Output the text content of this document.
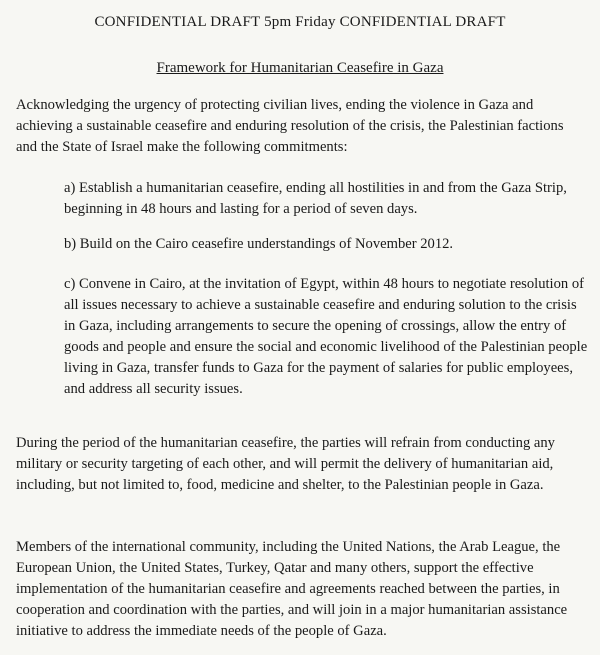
CONFIDENTIAL DRAFT 5pm Friday CONFIDENTIAL DRAFT
Framework for Humanitarian Ceasefire in Gaza

Acknowledging the urgency of protecting civilian lives, ending the violence in Gaza and achieving a sustainable ceasefire and enduring resolution of the crisis, the Palestinian factions and the State of Israel make the following commitments:

a) Establish a humanitarian ceasefire, ending all hostilities in and from the Gaza Strip, beginning in 48 hours and lasting for a period of seven days.

b) Build on the Cairo ceasefire understandings of November 2012.

c) Convene in Cairo, at the invitation of Egypt, within 48 hours to negotiate resolution of all issues necessary to achieve a sustainable ceasefire and enduring solution to the crisis in Gaza, including arrangements to secure the opening of crossings, allow the entry of goods and people and ensure the social and economic livelihood of the Palestinian people living in Gaza, transfer funds to Gaza for the payment of salaries for public employees, and address all security issues.

During the period of the humanitarian ceasefire, the parties will refrain from conducting any military or security targeting of each other, and will permit the delivery of humanitarian aid, including, but not limited to, food, medicine and shelter, to the Palestinian people in Gaza.

Members of the international community, including the United Nations, the Arab League, the European Union, the United States, Turkey, Qatar and many others, support the effective implementation of the humanitarian ceasefire and agreements reached between the parties, in cooperation and coordination with the parties, and will join in a major humanitarian assistance initiative to address the immediate needs of the people of Gaza.
